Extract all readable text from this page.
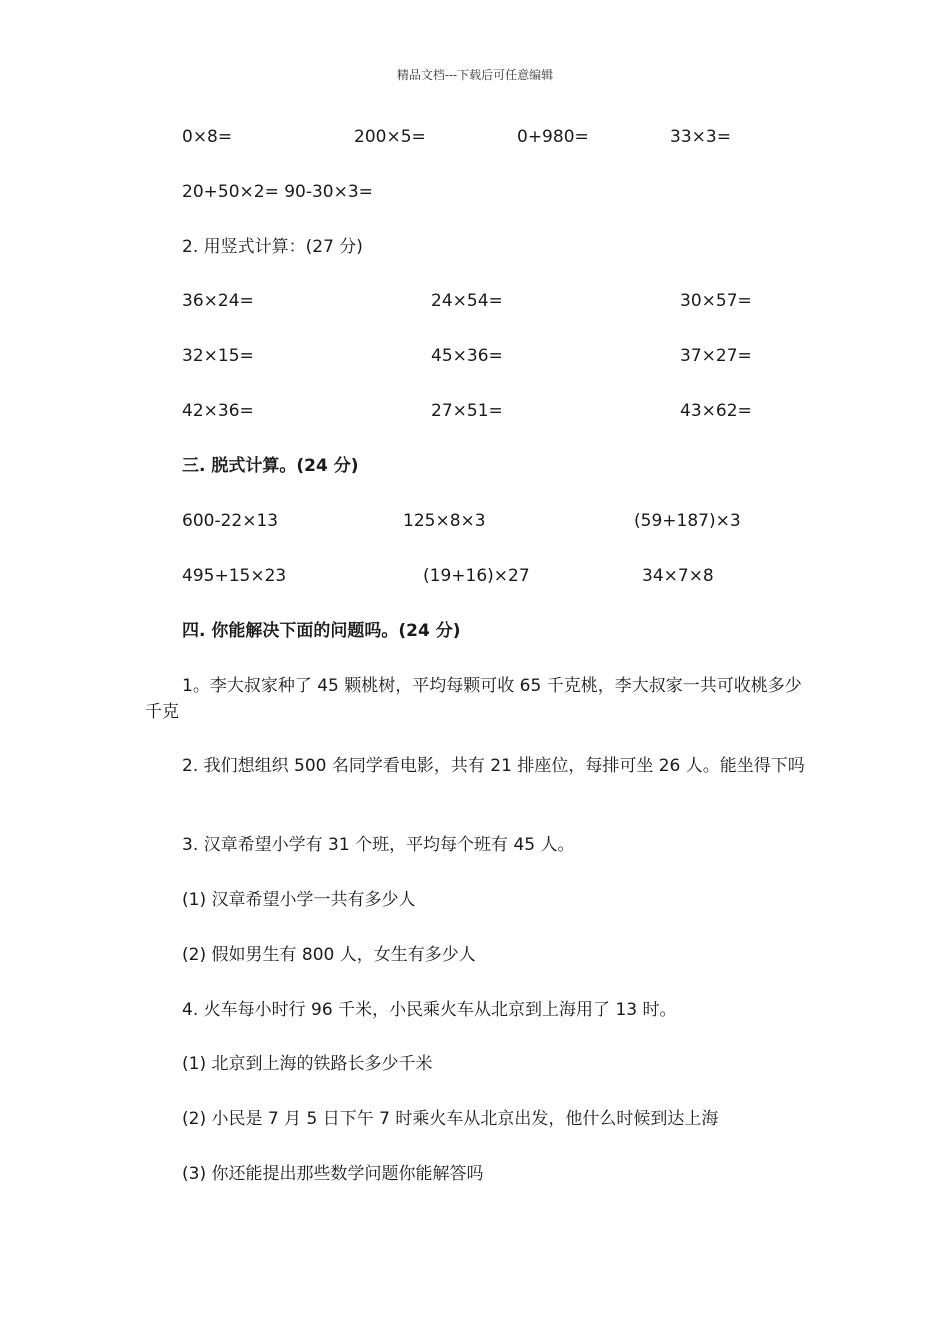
精品文档---下载后可任意编辑
0×8=	200×5=	0+980=	33×3=
20+50×2= 90-30×3=
2. 用竖式计算：(27 分)
36×24=	24×54=	30×57=
32×15=	45×36=	37×27=
42×36=	27×51=	43×62=
三. 脱式计算。(24 分)
600-22×13	125×8×3	(59+187)×3
495+15×23	(19+16)×27	34×7×8
四. 你能解决下面的问题吗。(24 分)
1。李大叔家种了 45 颗桃树，平均每颗可收 65 千克桃，李大叔家一共可收桃多少千克
2. 我们想组织 500 名同学看电影，共有 21 排座位，每排可坐 26 人。能坐得下吗
3. 汉章希望小学有 31 个班，平均每个班有 45 人。
(1) 汉章希望小学一共有多少人
(2) 假如男生有 800 人，女生有多少人
4. 火车每小时行 96 千米，小民乘火车从北京到上海用了 13 时。
(1) 北京到上海的铁路长多少千米
(2) 小民是 7 月 5 日下午 7 时乘火车从北京出发，他什么时候到达上海
(3) 你还能提出那些数学问题你能解答吗
